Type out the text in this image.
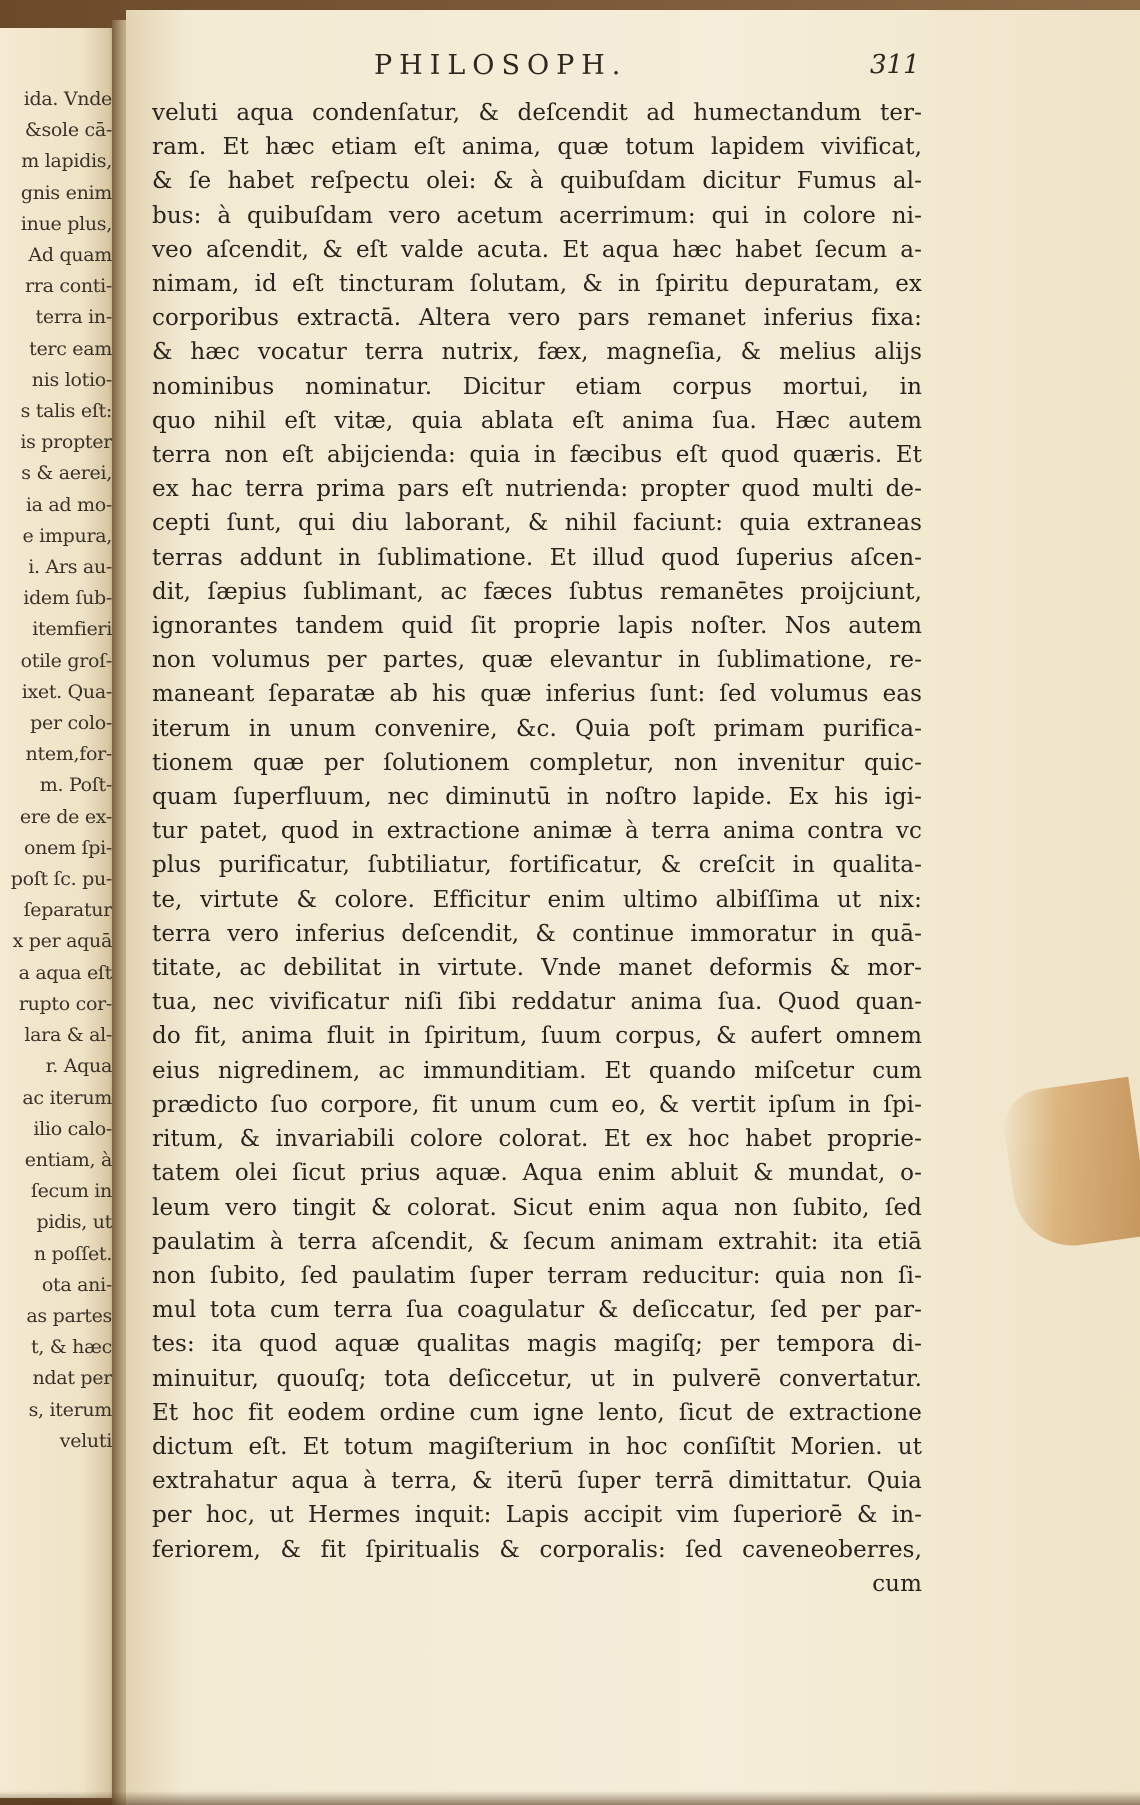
ida. Vnde
&sole cā-
m lapidis,
gnis enim
inue plus,
Ad quam
rra conti-
terra in-
terc eam
nis lotio-
s talis eſt:
is propter
s & aerei,
ia ad mo-
e impura,
i. Ars au-
idem ſub-
itemfieri
otile groſ-
ixet. Qua-
per colo-
ntem,for-
m. Poſt-
ere de ex-
onem ſpi-
poſt ſc. pu-
ſeparatur
x per aquā
a aqua eſt
rupto cor-
lara & al-
r. Aqua
ac iterum
ilio calo-
entiam, à
ſecum in
pidis, ut
n poſſet.
ota ani-
as partes
t, & hæc
ndat per
s, iterum
veluti
PHILOSOPH.	311
veluti aqua condenſatur, & deſcendit ad humectandum ter-
ram. Et hæc etiam eſt anima, quæ totum lapidem vivificat,
& ſe habet reſpectu olei: & à quibuſdam dicitur Fumus al-
bus: à quibuſdam vero acetum acerrimum: qui in colore ni-
veo aſcendit, & eſt valde acuta. Et aqua hæc habet ſecum a-
nimam, id eſt tincturam ſolutam, & in ſpiritu depuratam, ex
corporibus extractā. Altera vero pars remanet inferius fixa:
& hæc vocatur terra nutrix, fæx, magneſia, & melius alijs
nominibus nominatur. Dicitur etiam corpus mortui, in
quo nihil eſt vitæ, quia ablata eſt anima ſua. Hæc autem
terra non eſt abijcienda: quia in fæcibus eſt quod quæris. Et
ex hac terra prima pars eſt nutrienda: propter quod multi de-
cepti ſunt, qui diu laborant, & nihil faciunt: quia extraneas
terras addunt in ſublimatione. Et illud quod ſuperius aſcen-
dit, ſæpius ſublimant, ac fæces ſubtus remanētes proijciunt,
ignorantes tandem quid ſit proprie lapis noſter. Nos autem
non volumus per partes, quæ elevantur in ſublimatione, re-
maneant ſeparatæ ab his quæ inferius ſunt: ſed volumus eas
iterum in unum convenire, &c. Quia poſt primam purifica-
tionem quæ per ſolutionem completur, non invenitur quic-
quam ſuperfluum, nec diminutū in noſtro lapide. Ex his igi-
tur patet, quod in extractione animæ à terra anima contra vc
plus purificatur, ſubtiliatur, fortificatur, & creſcit in qualita-
te, virtute & colore. Efficitur enim ultimo albiſſima ut nix:
terra vero inferius deſcendit, & continue immoratur in quā-
titate, ac debilitat in virtute. Vnde manet deformis & mor-
tua, nec vivificatur niſi ſibi reddatur anima ſua. Quod quan-
do fit, anima fluit in ſpiritum, ſuum corpus, & aufert omnem
eius nigredinem, ac immunditiam. Et quando miſcetur cum
prædicto ſuo corpore, fit unum cum eo, & vertit ipſum in ſpi-
ritum, & invariabili colore colorat. Et ex hoc habet proprie-
tatem olei ſicut prius aquæ. Aqua enim abluit & mundat, o-
leum vero tingit & colorat. Sicut enim aqua non ſubito, ſed
paulatim à terra aſcendit, & ſecum animam extrahit: ita etiā
non ſubito, ſed paulatim ſuper terram reducitur: quia non ſi-
mul tota cum terra ſua coagulatur & deſiccatur, ſed per par-
tes: ita quod aquæ qualitas magis magiſq; per tempora di-
minuitur, quouſq; tota deſiccetur, ut in pulverē convertatur.
Et hoc fit eodem ordine cum igne lento, ſicut de extractione
dictum eſt. Et totum magiſterium in hoc conſiſtit Morien. ut
extrahatur aqua à terra, & iterū ſuper terrā dimittatur. Quia
per hoc, ut Hermes inquit: Lapis accipit vim ſuperiorē & in-
feriorem, & fit ſpiritualis & corporalis: ſed caveneoberres,
cum
